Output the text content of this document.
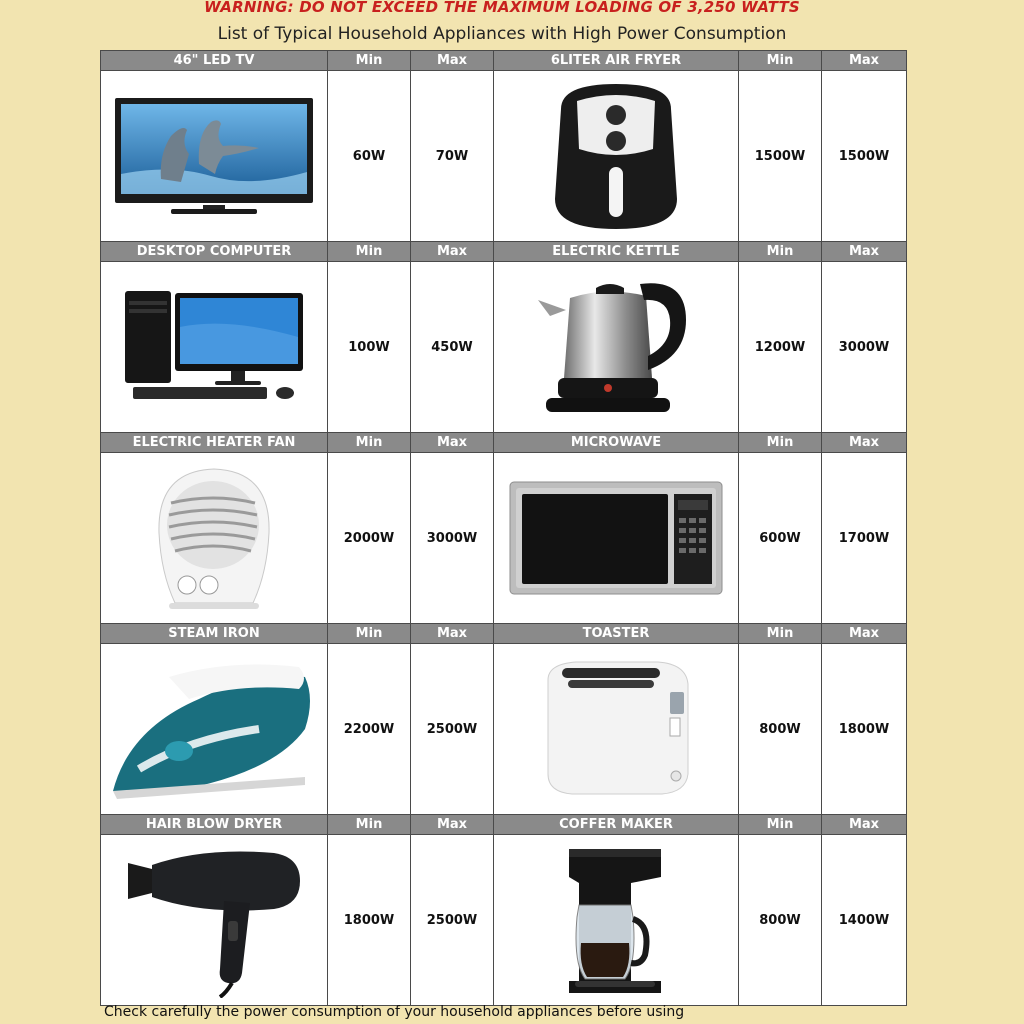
WARNING: DO NOT EXCEED THE MAXIMUM LOADING OF 3,250 WATTS
List of Typical Household Appliances with High Power Consumption
46" LED TV	Min	Max	6LITER AIR FRYER	Min	Max

	60W	70W		1500W	1500W
DESKTOP COMPUTER	Min	Max	ELECTRIC KETTLE	Min	Max

	100W	450W		1200W	3000W
ELECTRIC HEATER FAN	Min	Max	MICROWAVE	Min	Max

	2000W	3000W		600W	1700W
STEAM IRON	Min	Max	TOASTER	Min	Max

	2200W	2500W		800W	1800W
HAIR BLOW DRYER	Min	Max	COFFER MAKER	Min	Max

	1800W	2500W		800W	1400W
Check carefully the power consumption of your household appliances before using
